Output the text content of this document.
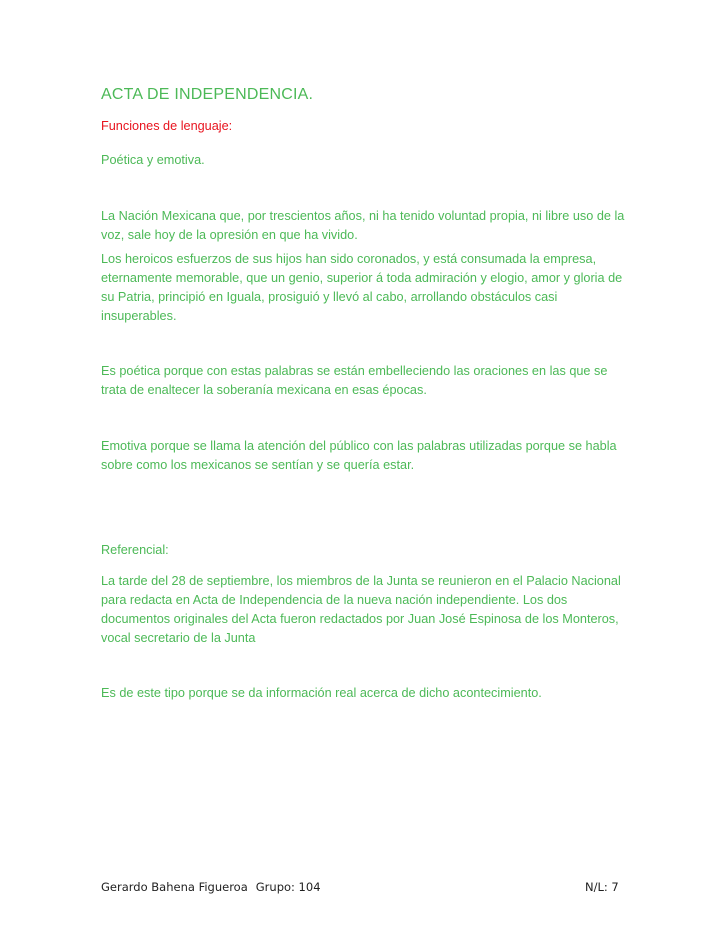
ACTA DE INDEPENDENCIA.

Funciones de lenguaje:

Poética y emotiva.

La Nación Mexicana que, por trescientos años, ni ha tenido voluntad propia, ni libre uso de la voz, sale hoy de la opresión en que ha vivido.

Los heroicos esfuerzos de sus hijos han sido coronados, y está consumada la empresa, eternamente memorable, que un genio, superior á toda admiración y elogio, amor y gloria de su Patria, principió en Iguala, prosiguió y llevó al cabo, arrollando obstáculos casi insuperables.

Es poética porque con estas palabras se están embelleciendo las oraciones en las que se trata de enaltecer la soberanía mexicana en esas épocas.

Emotiva porque se llama la atención del público con las palabras utilizadas porque se habla sobre como los mexicanos se sentían y se quería estar.

Referencial:

La tarde del 28 de septiembre, los miembros de la Junta se reunieron en el Palacio Nacional para redacta en Acta de Independencia de la nueva nación independiente. Los dos documentos originales del Acta fueron redactados por Juan José Espinosa de los Monteros, vocal secretario de la Junta

Es de este tipo porque se da información real acerca de dicho acontecimiento.

Gerardo Bahena Figueroa Grupo: 104	N/L: 7
